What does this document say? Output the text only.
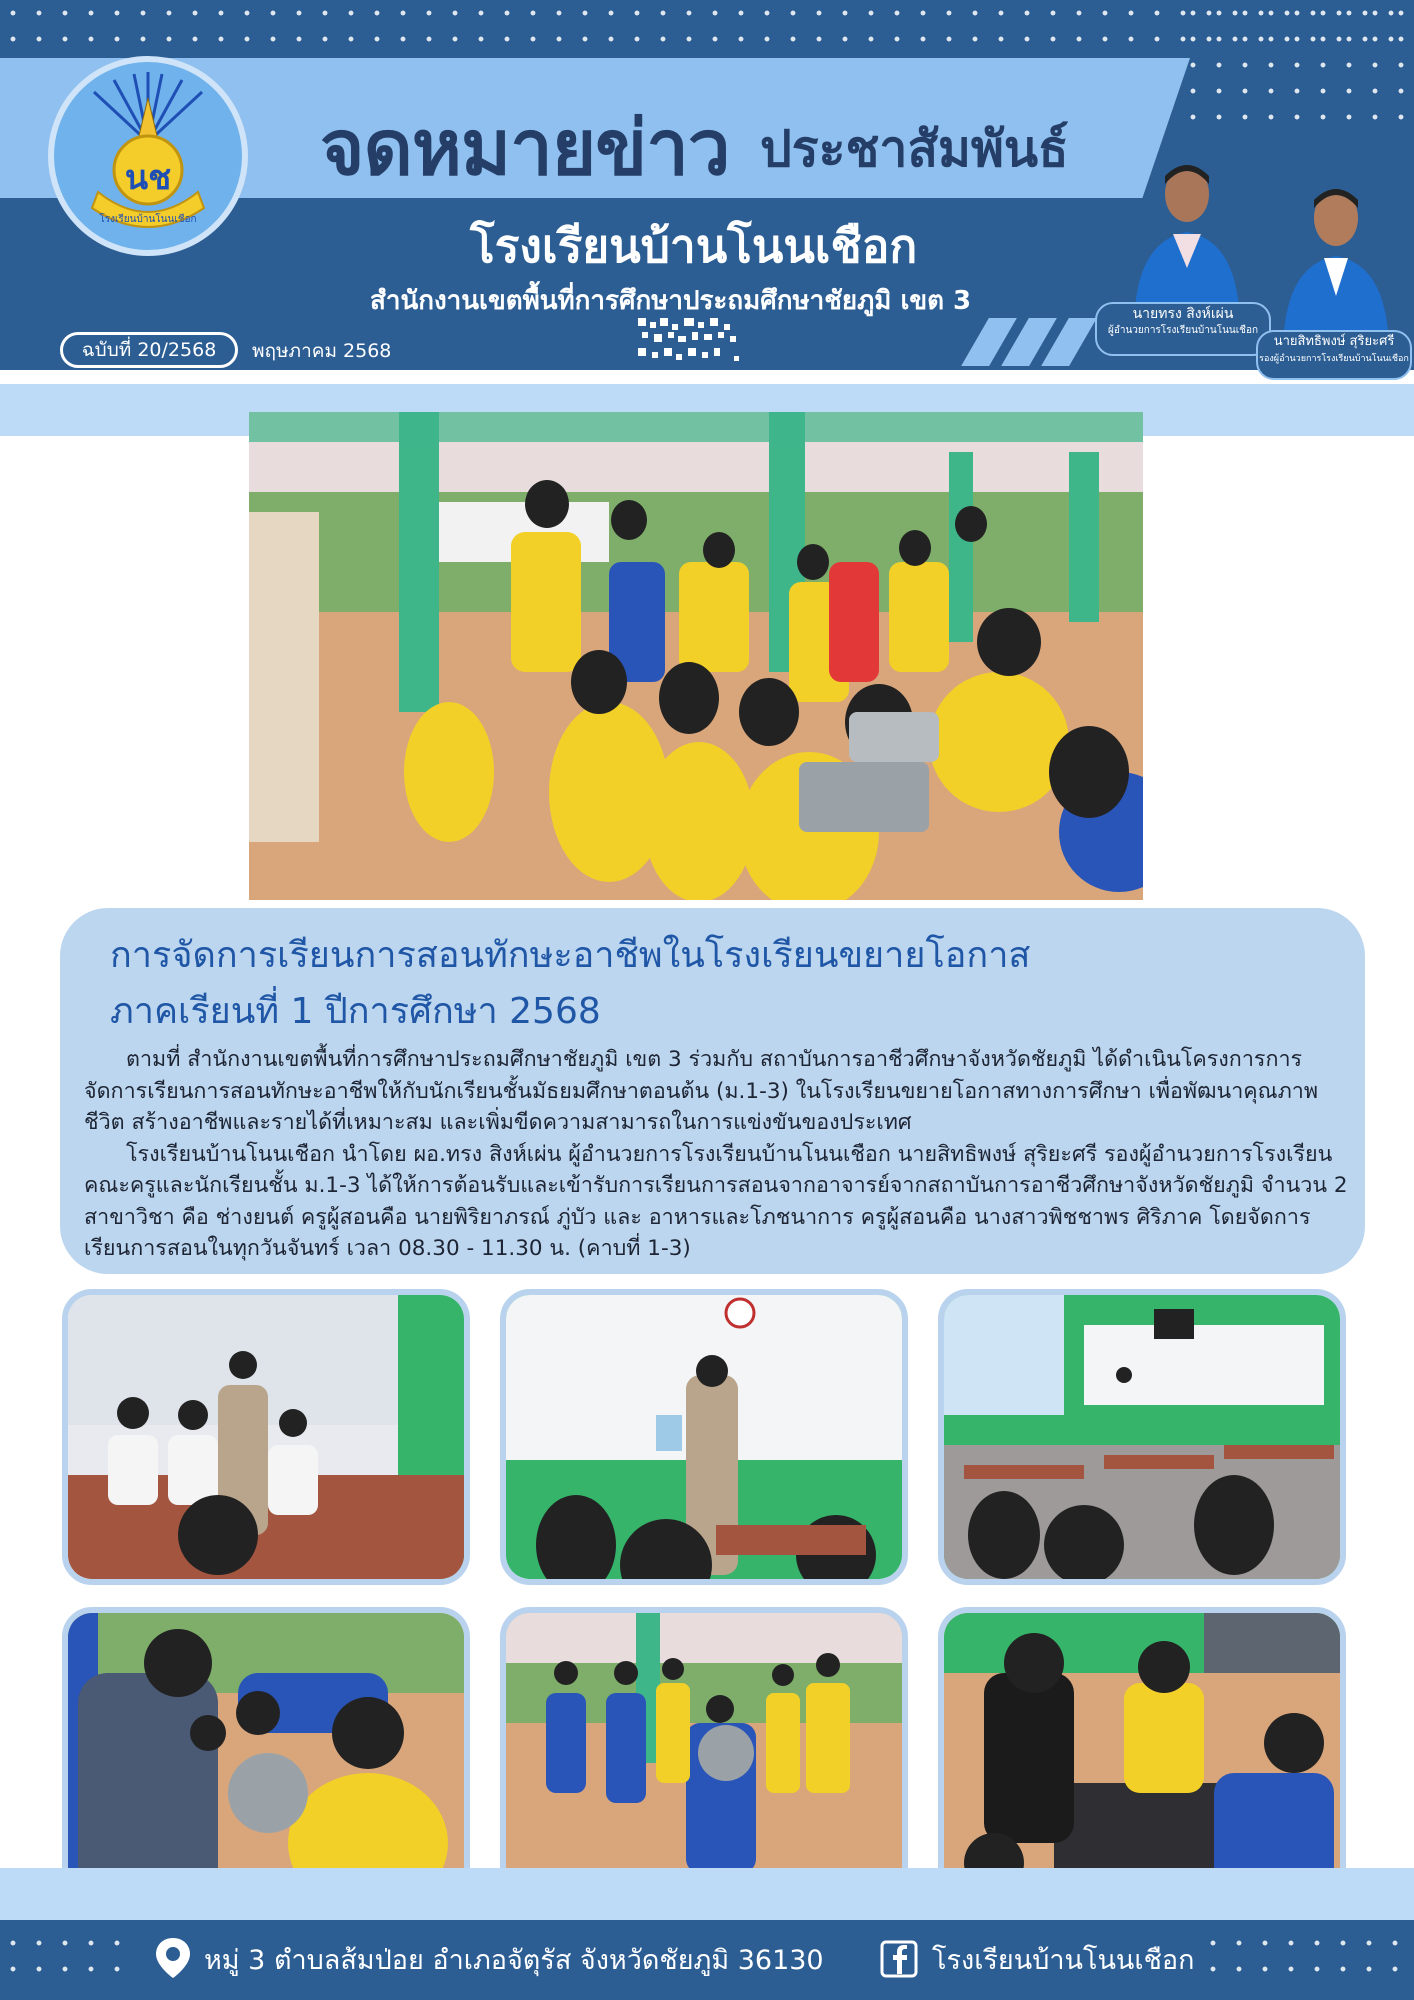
จดหมายข่าว ประชาสัมพันธ์
โรงเรียนบ้านโนนเชือก
สำนักงานเขตพื้นที่การศึกษาประถมศึกษาชัยภูมิ เขต 3
นช
โรงเรียนบ้านโนนเชือก
ฉบับที่ 20/2568	พฤษภาคม 2568
นายทรง สิงห์เผ่น
ผู้อำนวยการโรงเรียนบ้านโนนเชือก
นายสิทธิพงษ์ สุริยะศรี
รองผู้อำนวยการโรงเรียนบ้านโนนเชือก
การจัดการเรียนการสอนทักษะอาชีพในโรงเรียนขยายโอกาส
ภาคเรียนที่ 1 ปีการศึกษา 2568

ตามที่ สำนักงานเขตพื้นที่การศึกษาประถมศึกษาชัยภูมิ เขต 3 ร่วมกับ สถาบันการอาชีวศึกษาจังหวัดชัยภูมิ ได้ดำเนินโครงการการจัดการเรียนการสอนทักษะอาชีพให้กับนักเรียนชั้นมัธยมศึกษาตอนต้น (ม.1-3) ในโรงเรียนขยายโอกาสทางการศึกษา เพื่อพัฒนาคุณภาพชีวิต สร้างอาชีพและรายได้ที่เหมาะสม และเพิ่มขีดความสามารถในการแข่งขันของประเทศ

โรงเรียนบ้านโนนเชือก นำโดย ผอ.ทรง สิงห์เผ่น ผู้อำนวยการโรงเรียนบ้านโนนเชือก นายสิทธิพงษ์ สุริยะศรี รองผู้อำนวยการโรงเรียน คณะครูและนักเรียนชั้น ม.1-3 ได้ให้การต้อนรับและเข้ารับการเรียนการสอนจากอาจารย์จากสถาบันการอาชีวศึกษาจังหวัดชัยภูมิ จำนวน 2 สาขาวิชา คือ ช่างยนต์ ครูผู้สอนคือ นายพิริยาภรณ์ ภู่บัว และ อาหารและโภชนาการ ครูผู้สอนคือ นางสาวพิชชาพร ศิริภาค โดยจัดการเรียนการสอนในทุกวันจันทร์ เวลา 08.30 - 11.30 น. (คาบที่ 1-3)

หมู่ 3 ตำบลส้มป่อย อำเภอจัตุรัส จังหวัดชัยภูมิ 36130	โรงเรียนบ้านโนนเชือก
